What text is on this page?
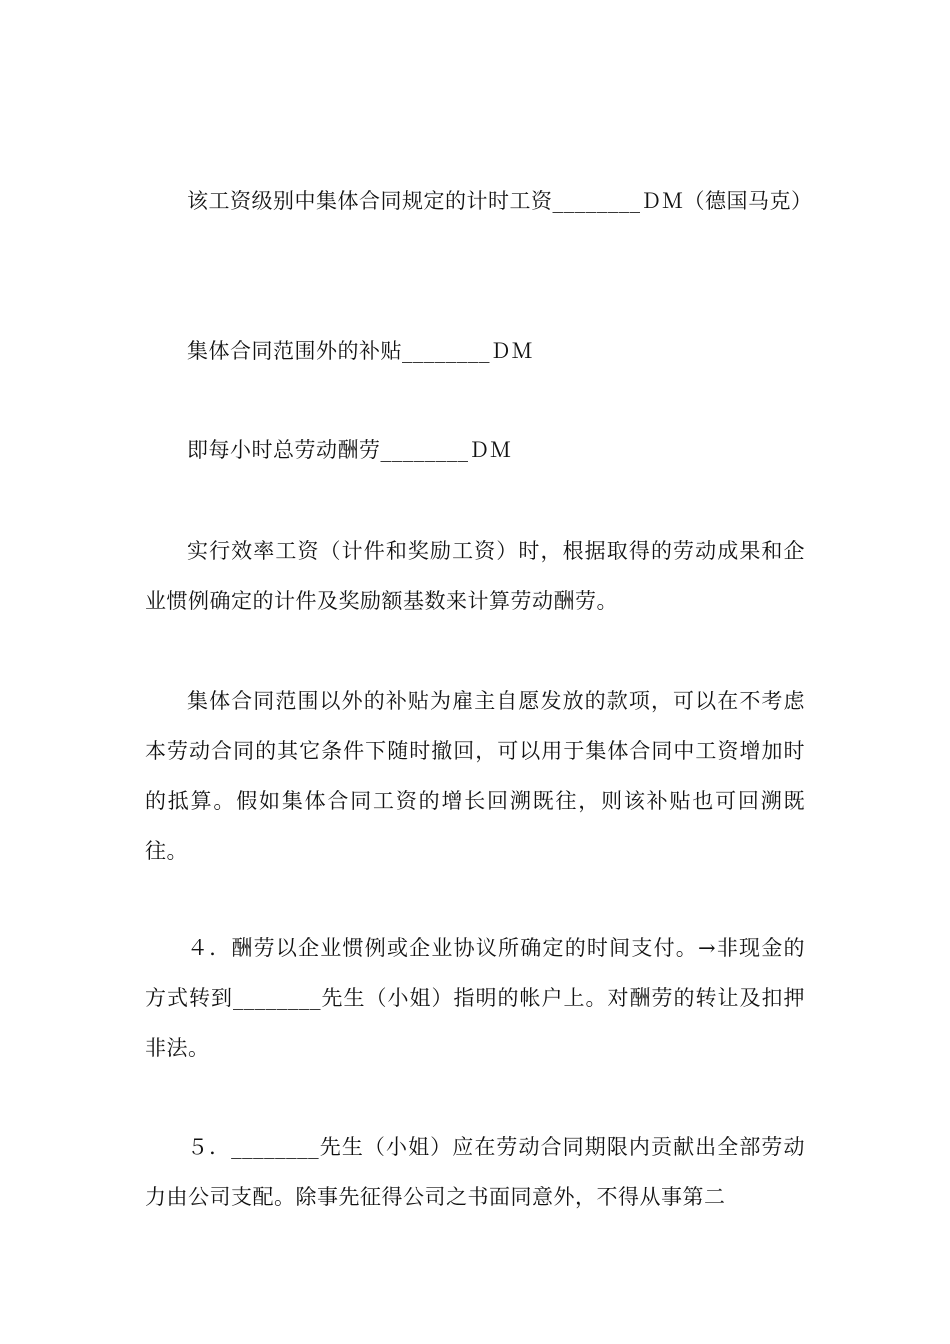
该工资级别中集体合同规定的计时工资________ＤＭ（德国马克）

集体合同范围外的补贴________ＤＭ

即每小时总劳动酬劳________ＤＭ

实行效率工资（计件和奖励工资）时，根据取得的劳动成果和企业惯例确定的计件及奖励额基数来计算劳动酬劳。

集体合同范围以外的补贴为雇主自愿发放的款项，可以在不考虑本劳动合同的其它条件下随时撤回，可以用于集体合同中工资增加时的抵算。假如集体合同工资的增长回溯既往，则该补贴也可回溯既往。

４．酬劳以企业惯例或企业协议所确定的时间支付。→非现金的方式转到________先生（小姐）指明的帐户上。对酬劳的转让及扣押非法。

５．________先生（小姐）应在劳动合同期限内贡献出全部劳动力由公司支配。除事先征得公司之书面同意外，不得从事第二
